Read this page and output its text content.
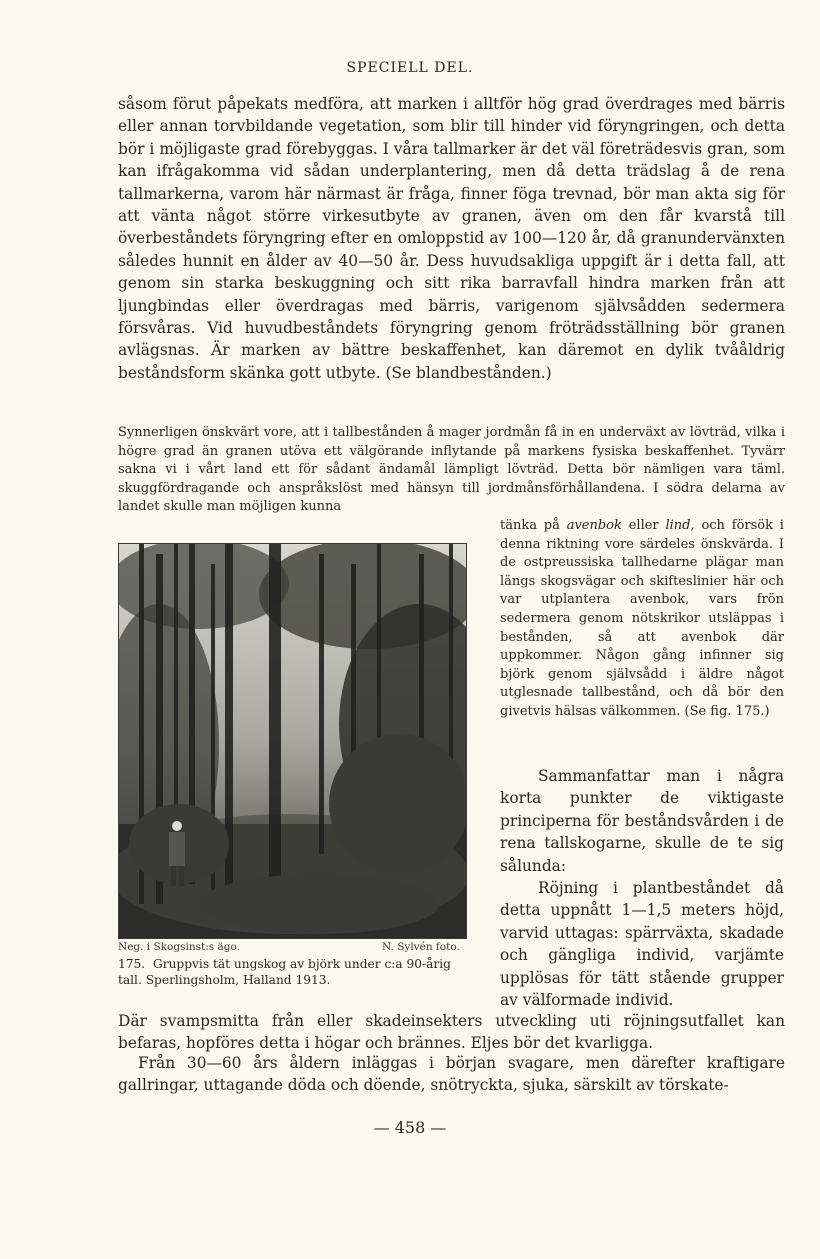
SPECIELL DEL.

såsom förut påpekats medföra, att marken i alltför hög grad överdrages med bärris eller annan torvbildande vegetation, som blir till hinder vid föryngringen, och detta bör i möjligaste grad förebyggas. I våra tallmarker är det väl företrädesvis gran, som kan ifrågakomma vid sådan underplantering, men då detta trädslag å de rena tallmarkerna, varom här närmast är fråga, finner föga trevnad, bör man akta sig för att vänta något större virkesutbyte av granen, även om den får kvarstå till överbeståndets föryngring efter en omloppstid av 100—120 år, då granundervänxten således hunnit en ålder av 40—50 år. Dess huvudsakliga uppgift är i detta fall, att genom sin starka beskuggning och sitt rika barravfall hindra marken från att ljungbindas eller överdragas med bärris, varigenom självsådden sedermera försvåras. Vid huvudbeståndets föryngring genom fröträdsställning bör granen avlägsnas. Är marken av bättre beskaffenhet, kan däremot en dylik tvååldrig beståndsform skänka gott utbyte. (Se blandbestånden.)

Synnerligen önskvärt vore, att i tallbestånden å mager jordmån få in en underväxt av lövträd, vilka i högre grad än granen utöva ett välgörande inflytande på markens fysiska beskaffenhet. Tyvärr sakna vi i vårt land ett för sådant ändamål lämpligt lövträd. Detta bör nämligen vara täml. skuggfördragande och anspråkslöst med hänsyn till jordmånsförhållandena. I södra delarna av landet skulle man möjligen kunna

tänka på avenbok eller lind, och försök i denna riktning vore särdeles önskvärda. I de ostpreussiska tallhedarne plägar man längs skogsvägar och skifteslinier här och var utplantera avenbok, vars frön sedermera genom nötskrikor utsläppas i bestånden, så att avenbok där uppkommer. Någon gång infinner sig björk genom självsådd i äldre något utglesnade tallbestånd, och då bör den givetvis hälsas välkommen. (Se fig. 175.)

Neg. i Skogsinst:s ägo.	N. Sylvén foto.

175. Gruppvis tät ungskog av björk under c:a 90-årig tall. Sperlingsholm, Halland 1913.

Sammanfattar man i några korta punkter de viktigaste principerna för beståndsvården i de rena tallskogarne, skulle de te sig sålunda:

Röjning i plantbeståndet då detta uppnått 1—1,5 meters höjd, varvid uttagas: spärrväxta, skadade och gängliga individ, varjämte upplösas för tätt stående grupper av välformade individ.

Där svampsmitta från eller skadeinsekters utveckling uti röjningsutfallet kan befaras, hopföres detta i högar och brännes. Eljes bör det kvarligga.

Från 30—60 års åldern inläggas i början svagare, men därefter kraftigare gallringar, uttagande döda och döende, snötryckta, sjuka, särskilt av törskate-

— 458 —
